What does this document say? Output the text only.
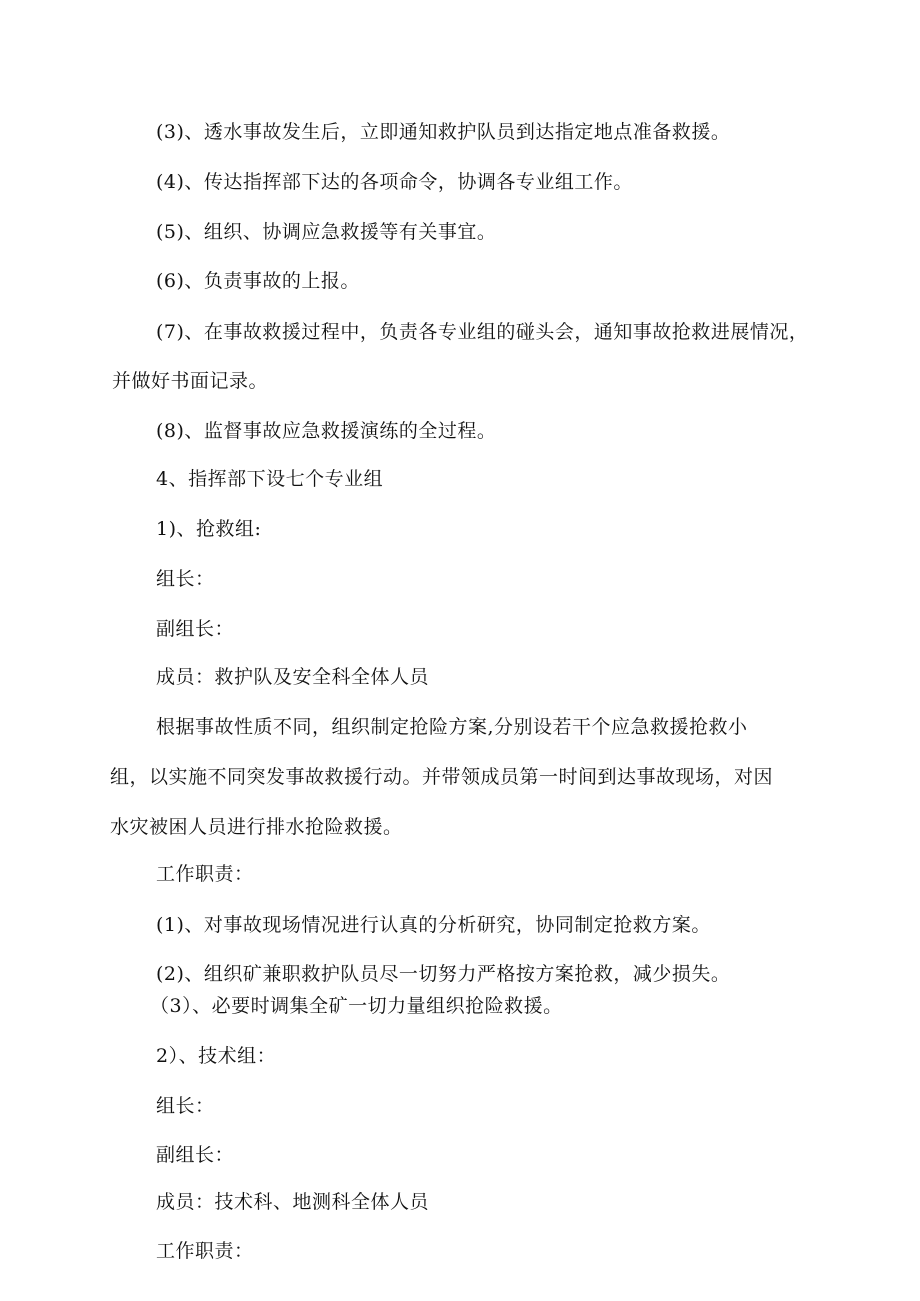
(3)、透水事故发生后，立即通知救护队员到达指定地点准备救援。
(4)、传达指挥部下达的各项命令，协调各专业组工作。
(5)、组织、协调应急救援等有关事宜。
(6)、负责事故的上报。
(7)、在事故救援过程中，负责各专业组的碰头会，通知事故抢救进展情况，
并做好书面记录。
(8)、监督事故应急救援演练的全过程。
4、指挥部下设七个专业组
1)、抢救组:
组长：
副组长：
成员：救护队及安全科全体人员
根据事故性质不同，组织制定抢险方案,分别设若干个应急救援抢救小
组，以实施不同突发事故救援行动。并带领成员第一时间到达事故现场，对因
水灾被困人员进行排水抢险救援。
工作职责：
(1)、对事故现场情况进行认真的分析研究，协同制定抢救方案。
(2)、组织矿兼职救护队员尽一切努力严格按方案抢救，减少损失。
（3）、必要时调集全矿一切力量组织抢险救援。
2）、技术组：
组长：
副组长：
成员：技术科、地测科全体人员
工作职责：
